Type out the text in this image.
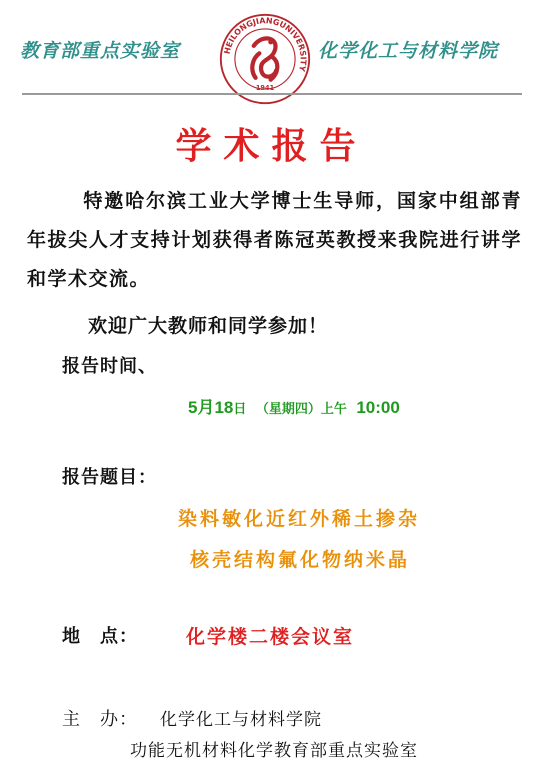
教育部重点实验室	HEILONGJIANGUNIVERSITY
1941
化学化工与材料学院
学术报告
特邀哈尔滨工业大学博士生导师，国家中组部青年拔尖人才支持计划获得者陈冠英教授来我院进行讲学和学术交流。
欢迎广大教师和同学参加！
报告时间、
5月18日 （星期四）上午 10:00
报告题目：
染料敏化近红外稀土掺杂
核壳结构氟化物纳米晶
地　点：	化学楼二楼会议室
主　办： 化学化工与材料学院
功能无机材料化学教育部重点实验室
